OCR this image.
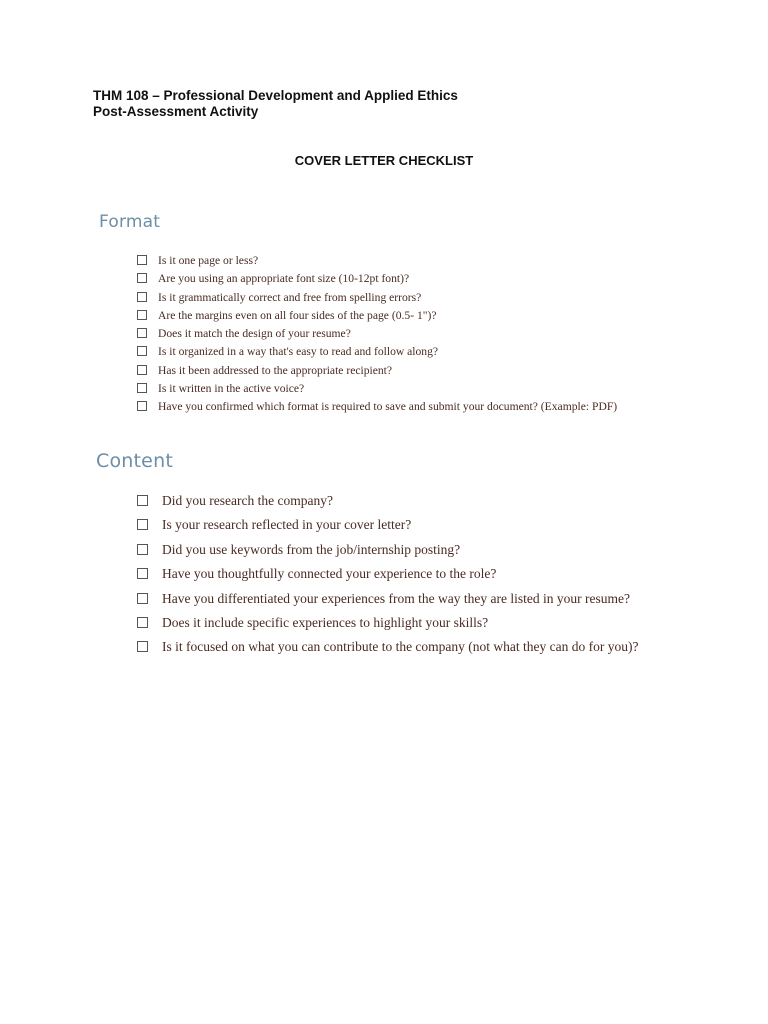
THM 108 – Professional Development and Applied Ethics
Post-Assessment Activity
COVER LETTER CHECKLIST
Format
Is it one page or less?
Are you using an appropriate font size (10-12pt font)?
Is it grammatically correct and free from spelling errors?
Are the margins even on all four sides of the page (0.5- 1")?
Does it match the design of your resume?
Is it organized in a way that's easy to read and follow along?
Has it been addressed to the appropriate recipient?
Is it written in the active voice?
Have you confirmed which format is required to save and submit your document? (Example: PDF)
Content
Did you research the company?
Is your research reflected in your cover letter?
Did you use keywords from the job/internship posting?
Have you thoughtfully connected your experience to the role?
Have you differentiated your experiences from the way they are listed in your resume?
Does it include specific experiences to highlight your skills?
Is it focused on what you can contribute to the company (not what they can do for you)?
